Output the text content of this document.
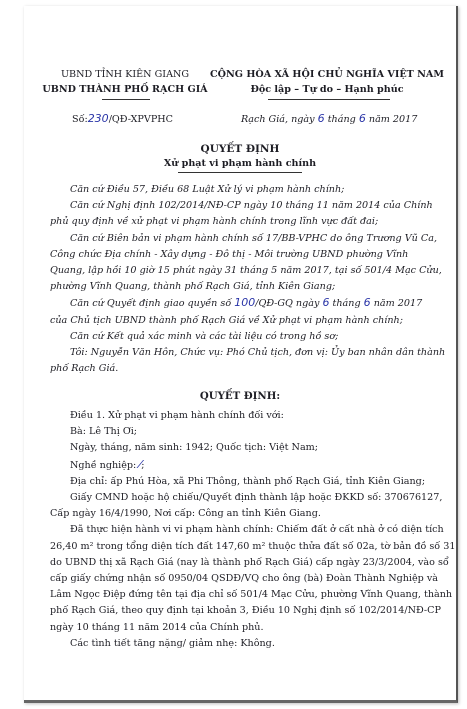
UBND TỈNH KIÊN GIANG
UBND THÀNH PHỐ RẠCH GIÁ
CỘNG HÒA XÃ HỘI CHỦ NGHĨA VIỆT NAM
Độc lập – Tự do – Hạnh phúc
Số:230/QĐ-XPVPHC	Rạch Giá, ngày 6 tháng 6 năm 2017
QUYẾT ĐỊNH
Xử phạt vi phạm hành chính
Căn cứ Điều 57, Điều 68 Luật Xử lý vi phạm hành chính;
Căn cứ Nghị định 102/2014/NĐ-CP ngày 10 tháng 11 năm 2014 của Chính
phủ quy định về xử phạt vi phạm hành chính trong lĩnh vực đất đai;
Căn cứ Biên bản vi phạm hành chính số 17/BB-VPHC do ông Trương Vũ Ca,
Công chức Địa chính - Xây dựng - Đô thị - Môi trường UBND phường Vĩnh
Quang, lập hồi 10 giờ 15 phút ngày 31 tháng 5 năm 2017, tại số 501/4 Mạc Cửu,
phường Vĩnh Quang, thành phố Rạch Giá, tỉnh Kiên Giang;
Căn cứ Quyết định giao quyền số 100/QĐ-GQ ngày 6 tháng 6 năm 2017
của Chủ tịch UBND thành phố Rạch Giá về Xử phạt vi phạm hành chính;
Căn cứ Kết quả xác minh và các tài liệu có trong hồ sơ;
Tôi: Nguyễn Văn Hôn, Chức vụ: Phó Chủ tịch, đơn vị: Ủy ban nhân dân thành
phố Rạch Giá.
QUYẾT ĐỊNH:
Điều 1. Xử phạt vi phạm hành chính đối với:
Bà: Lê Thị Ơi;
Ngày, tháng, năm sinh: 1942; Quốc tịch: Việt Nam;
Nghề nghiệp: ⁄;
Địa chỉ: ấp Phú Hòa, xã Phi Thông, thành phố Rạch Giá, tỉnh Kiên Giang;
Giấy CMND hoặc hộ chiếu/Quyết định thành lập hoặc ĐKKD số: 370676127,
Cấp ngày 16/4/1990, Nơi cấp: Công an tỉnh Kiên Giang.
Đã thực hiện hành vi vi phạm hành chính: Chiếm đất ở cất nhà ở có diện tích
26,40 m² trong tổng diện tích đất 147,60 m² thuộc thửa đất số 02a, tờ bản đồ số 31
do UBND thị xã Rạch Giá (nay là thành phố Rạch Giá) cấp ngày 23/3/2004, vào sổ
cấp giấy chứng nhận số 0950/04 QSDĐ/VQ cho ông (bà) Đoàn Thành Nghiệp và
Lâm Ngọc Điệp đứng tên tại địa chỉ số 501/4 Mạc Cửu, phường Vĩnh Quang, thành
phố Rạch Giá, theo quy định tại khoản 3, Điều 10 Nghị định số 102/2014/NĐ-CP
ngày 10 tháng 11 năm 2014 của Chính phủ.
Các tình tiết tăng nặng/ giảm nhẹ: Không.
